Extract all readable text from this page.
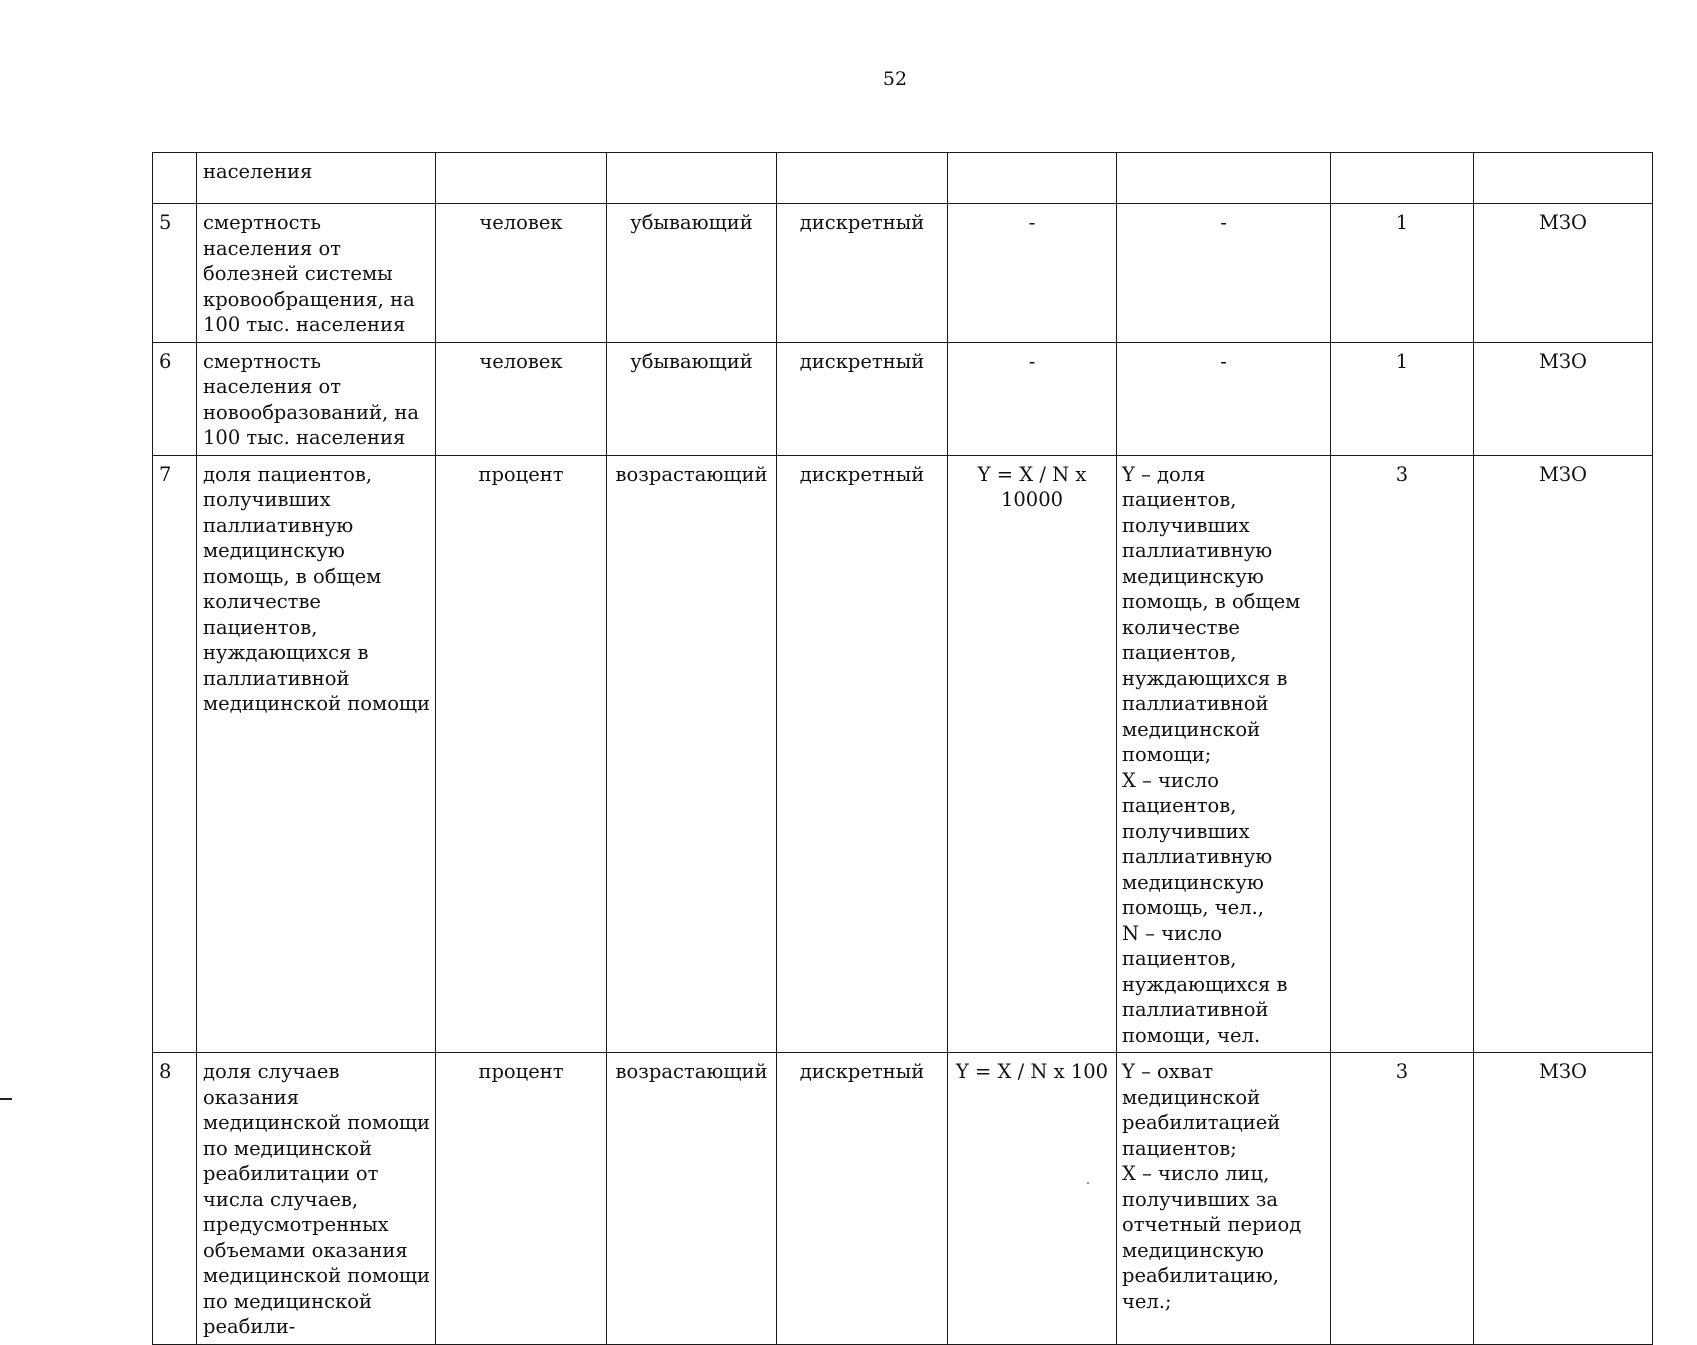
52
	населения							
5	смертность населения от болезней системы кровообращения, на 100 тыс. населения	человек	убывающий	дискретный	-	-	1	МЗО
6	смертность населения от новообразований, на 100 тыс. населения	человек	убывающий	дискретный	-	-	1	МЗО
7	доля пациентов, получивших паллиативную медицинскую помощь, в общем количестве пациентов, нуждающихся в паллиативной медицинской помощи	процент	возрастающий	дискретный	Y = X / N x 10000	Y – доля пациентов, получивших паллиативную медицинскую помощь, в общем количестве пациентов, нуждающихся в паллиативной медицинской помощи;
X – число пациентов, получивших паллиативную медицинскую помощь, чел.,
N – число пациентов, нуждающихся в паллиативной помощи, чел.	3	МЗО
8	доля случаев оказания медицинской помощи по медицинской реабилитации от числа случаев, предусмотренных объемами оказания медицинской помощи по медицинской реабили-	процент	возрастающий	дискретный	Y = X / N x 100	Y – охват медицинской реабилитацией пациентов;
X – число лиц, получивших за отчетный период медицинскую реабилитацию, чел.;	3	МЗО
